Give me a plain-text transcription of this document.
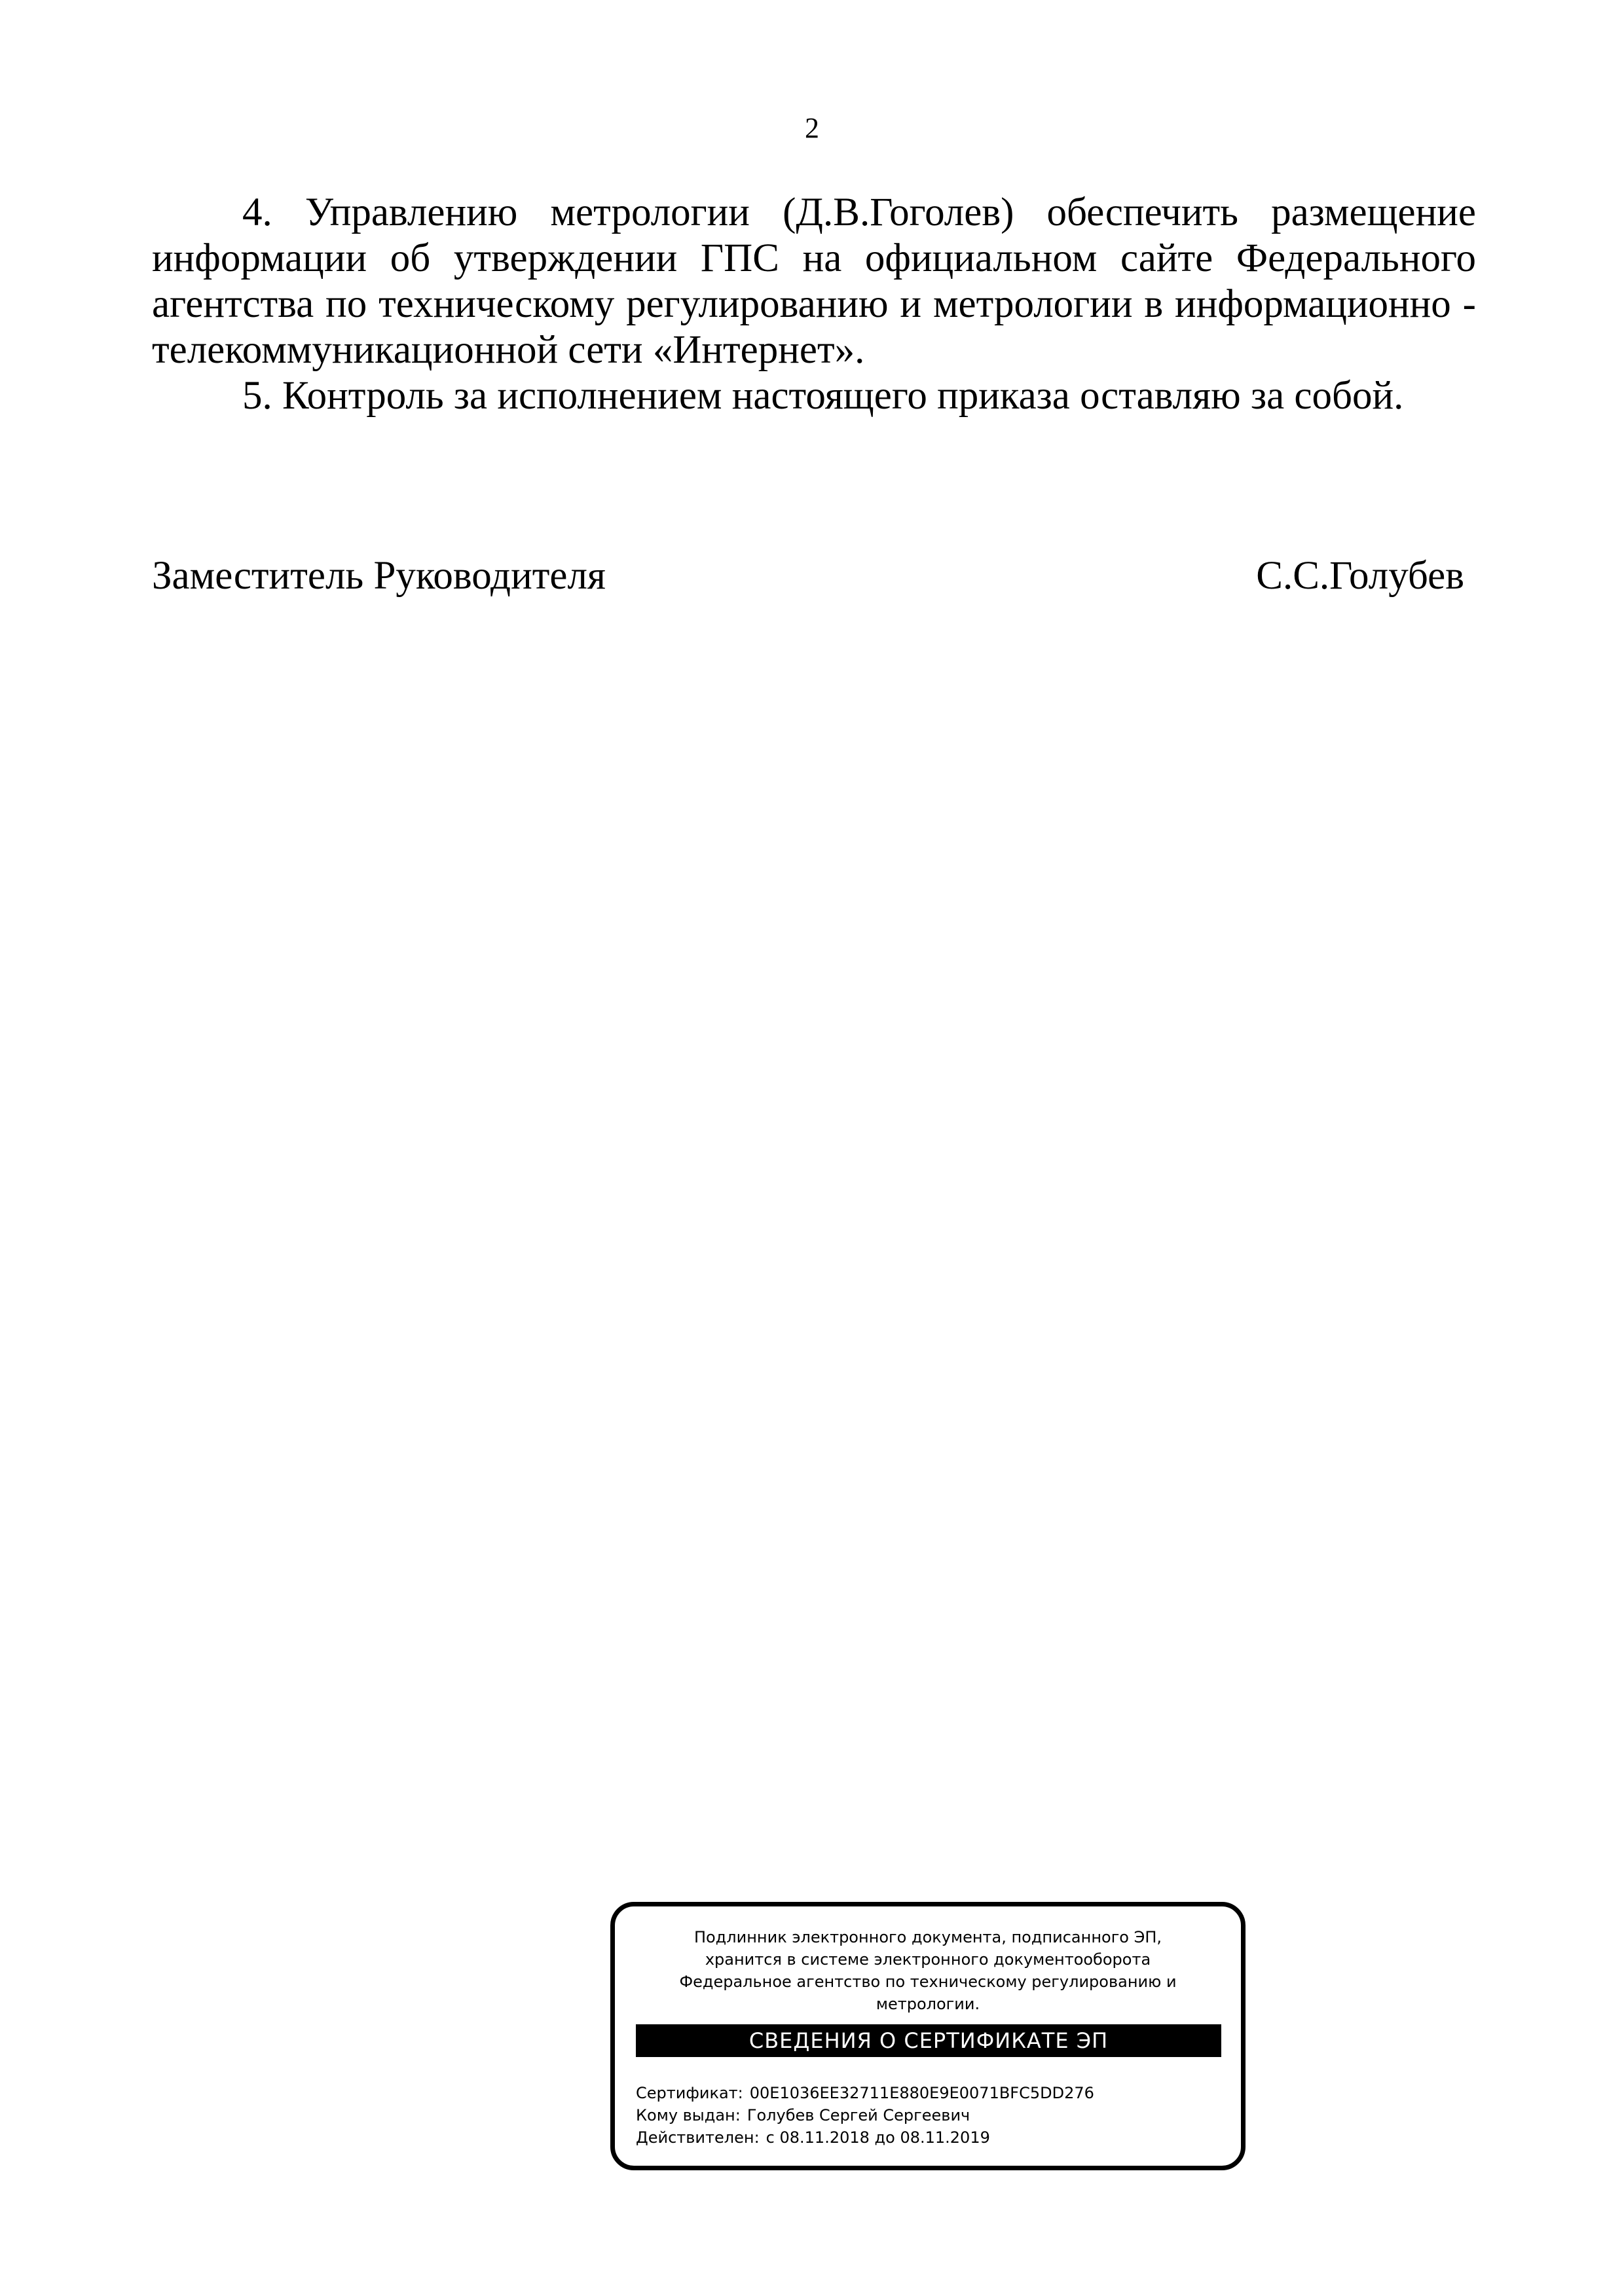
2

4. Управлению метрологии (Д.В.Гоголев) обеспечить размещение информации об утверждении ГПС на официальном сайте Федерального агентства по техническому регулированию и метрологии в информационно - телекоммуникационной сети «Интернет».

5. Контроль за исполнением настоящего приказа оставляю за собой.

Заместитель Руководителя	С.С.Голубев
Подлинник электронного документа, подписанного ЭП,
хранится в системе электронного документооборота
Федеральное агентство по техническому регулированию и
метрологии.
СВЕДЕНИЯ О СЕРТИФИКАТЕ ЭП
Сертификат: 00E1036EE32711E880E9E0071BFC5DD276
Кому выдан: Голубев Сергей Сергеевич
Действителен: с 08.11.2018 до 08.11.2019
